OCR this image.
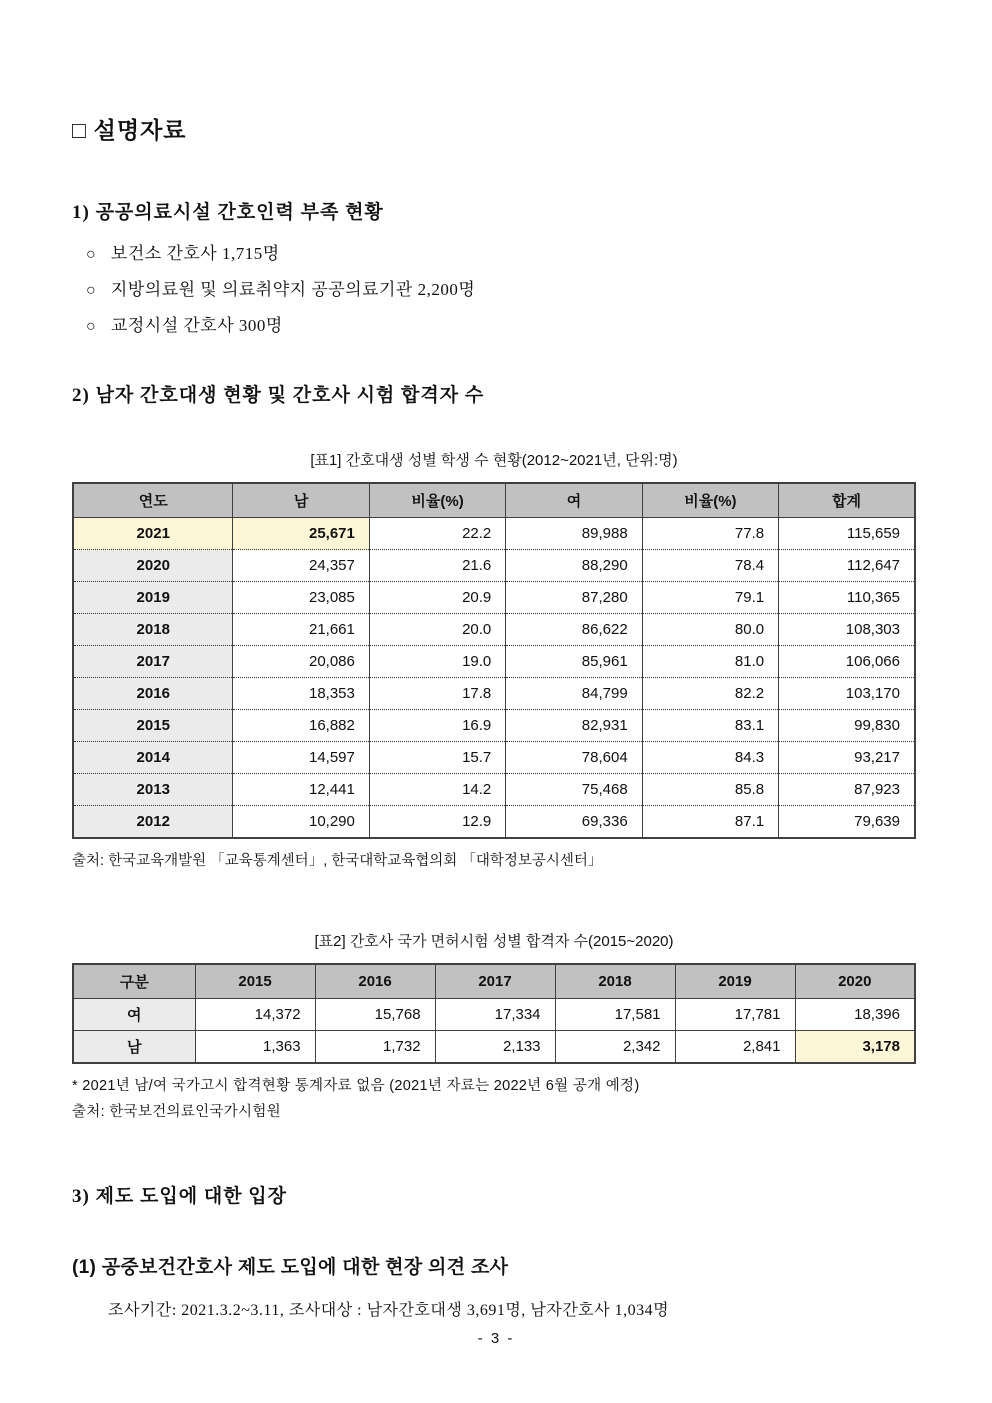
□ 설명자료
1) 공공의료시설 간호인력 부족 현황
○ 보건소 간호사 1,715명
○ 지방의료원 및 의료취약지 공공의료기관 2,200명
○ 교정시설 간호사 300명
2) 남자 간호대생 현황 및 간호사 시험 합격자 수

[표1] 간호대생 성별 학생 수 현황(2012~2021년, 단위:명)

연도	남	비율(%)	여	비율(%)	합계
2021	25,671	22.2	89,988	77.8	115,659
2020	24,357	21.6	88,290	78.4	112,647
2019	23,085	20.9	87,280	79.1	110,365
2018	21,661	20.0	86,622	80.0	108,303
2017	20,086	19.0	85,961	81.0	106,066
2016	18,353	17.8	84,799	82.2	103,170
2015	16,882	16.9	82,931	83.1	99,830
2014	14,597	15.7	78,604	84.3	93,217
2013	12,441	14.2	75,468	85.8	87,923
2012	10,290	12.9	69,336	87.1	79,639

출처: 한국교육개발원 「교육통계센터」, 한국대학교육협의회 「대학정보공시센터」

[표2] 간호사 국가 면허시험 성별 합격자 수(2015~2020)

구분	2015	2016	2017	2018	2019	2020
여	14,372	15,768	17,334	17,581	17,781	18,396
남	1,363	1,732	2,133	2,342	2,841	3,178

* 2021년 남/여 국가고시 합격현황 통계자료 없음 (2021년 자료는 2022년 6월 공개 예정)

출처: 한국보건의료인국가시험원

3) 제도 도입에 대한 입장
(1) 공중보건간호사 제도 도입에 대한 현장 의견 조사

조사기간: 2021.3.2~3.11, 조사대상 : 남자간호대생 3,691명, 남자간호사 1,034명

- 3 -
